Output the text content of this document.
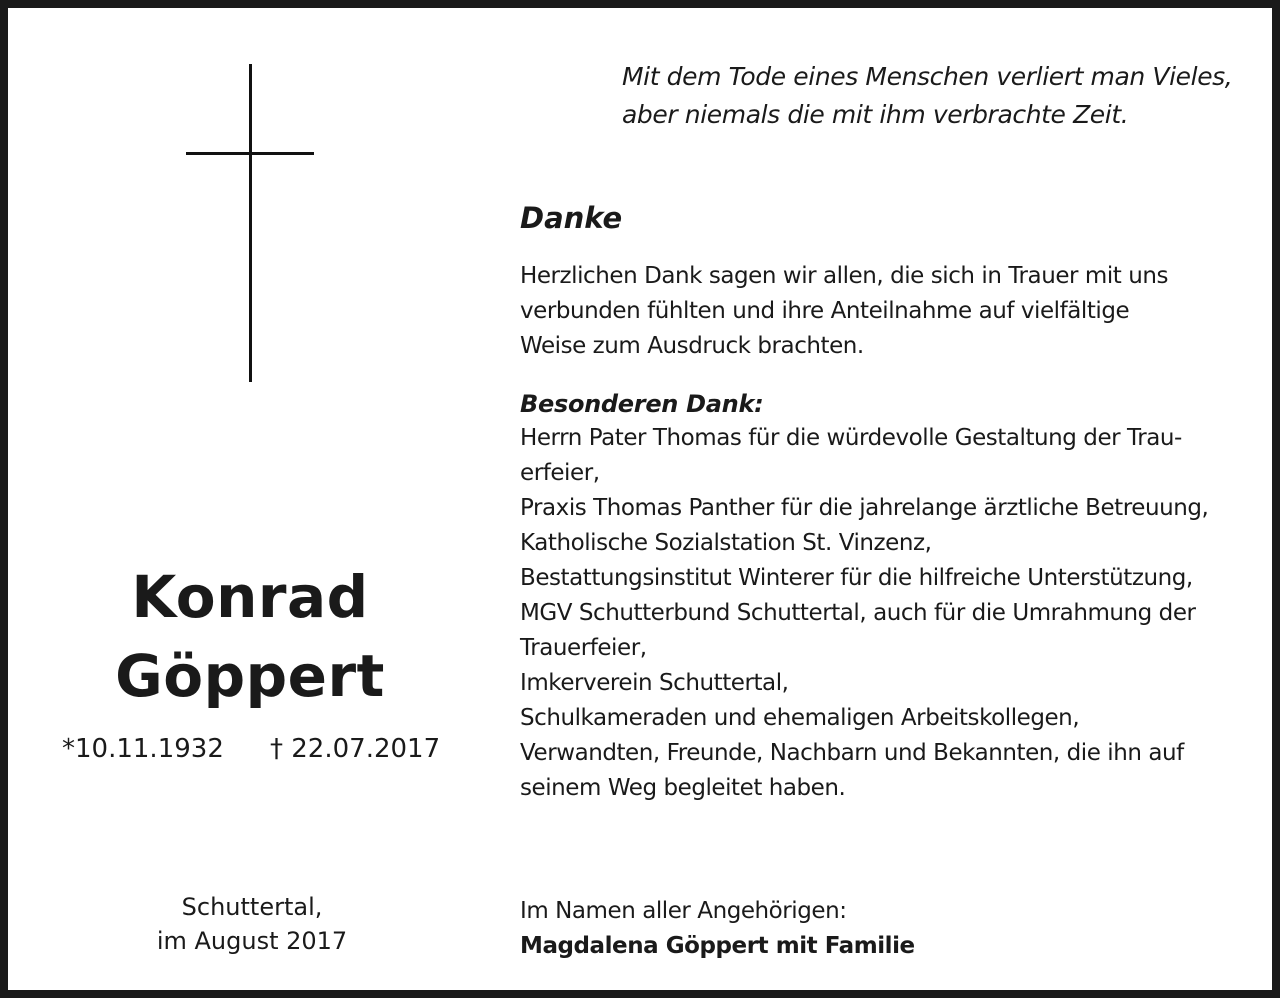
Konrad
Göppert
*10.11.1932 † 22.07.2017
Schuttertal,
im August 2017
Mit dem Tode eines Menschen verliert man Vieles,
aber niemals die mit ihm verbrachte Zeit.
Danke
Herzlichen Dank sagen wir allen, die sich in Trauer mit uns
verbunden fühlten und ihre Anteilnahme auf vielfältige
Weise zum Ausdruck brachten.
Besonderen Dank:
Herrn Pater Thomas für die würdevolle Gestaltung der Trau-
erfeier,
Praxis Thomas Panther für die jahrelange ärztliche Betreuung,
Katholische Sozialstation St. Vinzenz,
Bestattungsinstitut Winterer für die hilfreiche Unterstützung,
MGV Schutterbund Schuttertal, auch für die Umrahmung der
Trauerfeier,
Imkerverein Schuttertal,
Schulkameraden und ehemaligen Arbeitskollegen,
Verwandten, Freunde, Nachbarn und Bekannten, die ihn auf
seinem Weg begleitet haben.
Im Namen aller Angehörigen:
Magdalena Göppert mit Familie
